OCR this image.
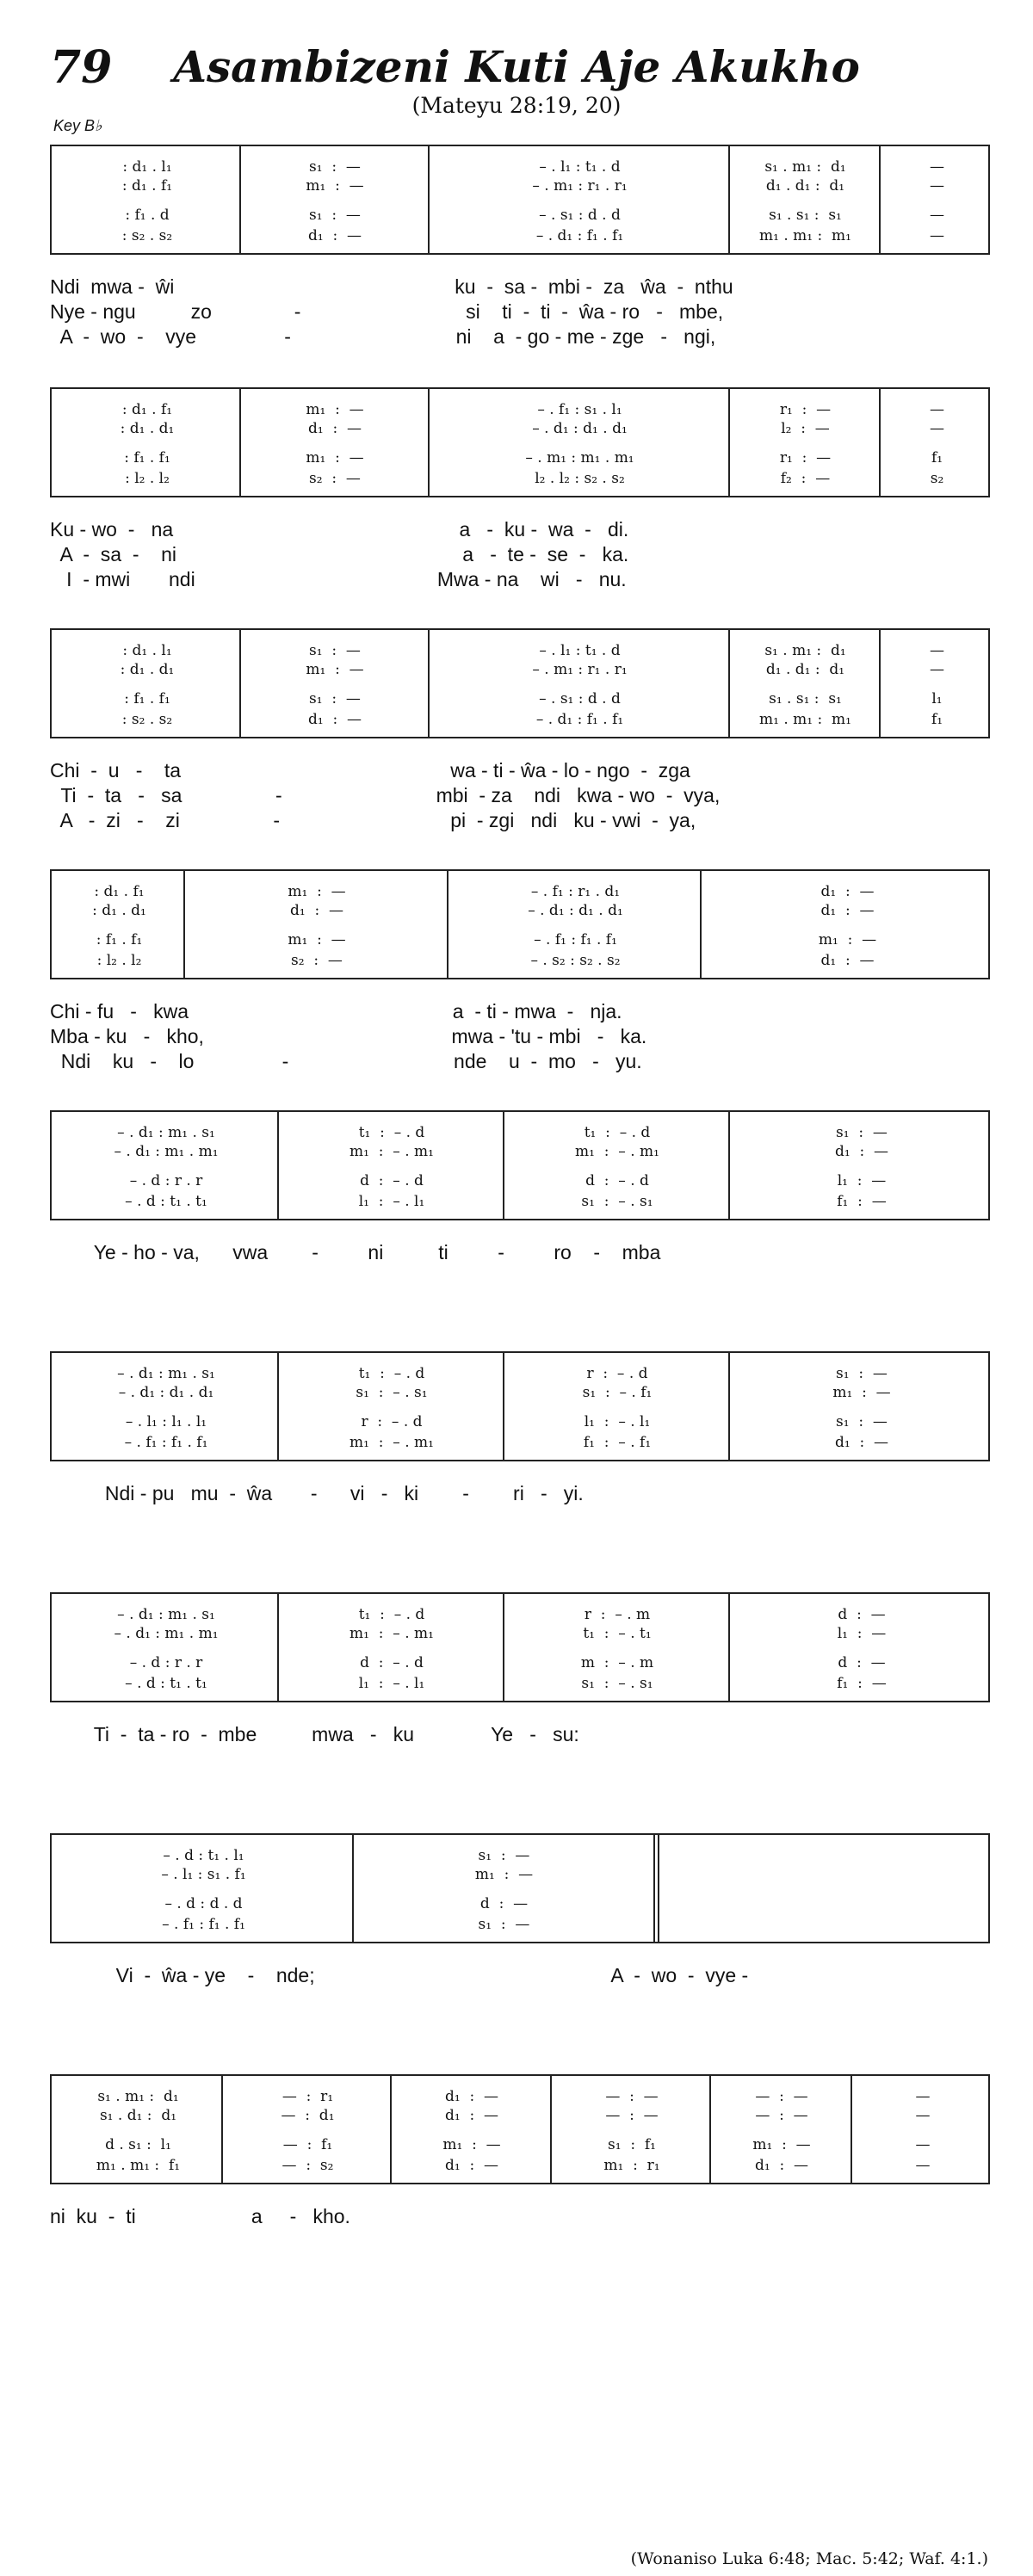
79	Asambizeni Kuti Aje Akukho
(Mateyu 28:19, 20)
Key B♭
: d₁ . l₁	s₁  :  —	– . l₁ : t₁ . d	s₁ . m₁ :  d₁	—
: d₁ . f₁	m₁  :  —	– . m₁ : r₁ . r₁	d₁ . d₁ :  d₁	—
: f₁ . d	s₁  :  —	– . s₁ : d . d	s₁ . s₁ :  s₁	—
: s₂ . s₂	d₁  :  —	– . d₁ : f₁ . f₁	m₁ . m₁ :  m₁	—
Ndi  mwa -  ŵi                                                   ku  -  sa -  mbi -  za   ŵa  -  nthu
Nye - ngu          zo               -                              si    ti  -  ti  -  ŵa - ro   -   mbe,
A  -  wo  -    vye                -                              ni    a  - go - me - zge   -   ngi,
: d₁ . f₁	m₁  :  —	– . f₁ : s₁ . l₁	r₁  :  —	—
: d₁ . d₁	d₁  :  —	– . d₁ : d₁ . d₁	l₂  :  —	—
: f₁ . f₁	m₁  :  —	– . m₁ : m₁ . m₁	r₁  :  —	f₁
: l₂ . l₂	s₂  :  —	l₂ . l₂ : s₂ . s₂	f₂  :  —	s₂
Ku - wo  -   na                                                    a   -  ku -  wa  -   di.
A  -  sa  -    ni                                                    a   -  te -  se  -   ka.
I  - mwi       ndi                                            Mwa - na    wi   -   nu.
: d₁ . l₁	s₁  :  —	– . l₁ : t₁ . d	s₁ . m₁ :  d₁	—
: d₁ . d₁	m₁  :  —	– . m₁ : r₁ . r₁	d₁ . d₁ :  d₁	—
: f₁ . f₁	s₁  :  —	– . s₁ : d . d	s₁ . s₁ :  s₁	l₁
: s₂ . s₂	d₁  :  —	– . d₁ : f₁ . f₁	m₁ . m₁ :  m₁	f₁
Chi  -  u   -    ta                                                 wa - ti - ŵa - lo - ngo  -  zga
Ti  -  ta   -   sa                 -                            mbi  - za    ndi   kwa - wo  -  vya,
A   -  zi   -    zi                 -                               pi  - zgi   ndi   ku - vwi  -  ya,
: d₁ . f₁	m₁  :  —	– . f₁ : r₁ . d₁	d₁  :  —
: d₁ . d₁	d₁  :  —	– . d₁ : d₁ . d₁	d₁  :  —
: f₁ . f₁	m₁  :  —	– . f₁ : f₁ . f₁	m₁  :  —
: l₂ . l₂	s₂  :  —	– . s₂ : s₂ . s₂	d₁  :  —
Chi - fu   -   kwa                                                a  - ti - mwa  -   nja.
Mba - ku   -   kho,                                             mwa - 'tu - mbi   -   ka.
Ndi    ku   -    lo                -                              nde    u  -  mo   -   yu.
– . d₁ : m₁ . s₁	t₁  :  – . d	t₁  :  – . d	s₁  :  —
– . d₁ : m₁ . m₁	m₁  :  – . m₁	m₁  :  – . m₁	d₁  :  —
– . d : r . r	d  :  – . d	d  :  – . d	l₁  :  —
– . d : t₁ . t₁	l₁  :  – . l₁	s₁  :  – . s₁	f₁  :  —
Ye - ho - va,      vwa        -         ni          ti         -         ro    -    mba
– . d₁ : m₁ . s₁	t₁  :  – . d	r  :  – . d	s₁  :  —
– . d₁ : d₁ . d₁	s₁  :  – . s₁	s₁  :  – . f₁	m₁  :  —
– . l₁ : l₁ . l₁	r  :  – . d	l₁  :  – . l₁	s₁  :  —
– . f₁ : f₁ . f₁	m₁  :  – . m₁	f₁  :  – . f₁	d₁  :  —
Ndi - pu   mu  -  ŵa       -      vi   -   ki        -        ri   -   yi.
– . d₁ : m₁ . s₁	t₁  :  – . d	r  :  – . m	d  :  —
– . d₁ : m₁ . m₁	m₁  :  – . m₁	t₁  :  – . t₁	l₁  :  —
– . d : r . r	d  :  – . d	m  :  – . m	d  :  —
– . d : t₁ . t₁	l₁  :  – . l₁	s₁  :  – . s₁	f₁  :  —
Ti  -  ta - ro  -  mbe          mwa   -   ku              Ye   -   su:
– . d : t₁ . l₁	s₁  :  —
– . l₁ : s₁ . f₁	m₁  :  —
– . d : d . d	d  :  —
– . f₁ : f₁ . f₁	s₁  :  —
Vi  -  ŵa - ye    -    nde;                                                      A  -  wo  -  vye -
s₁ . m₁ :  d₁	—  :  r₁	d₁  :  —	—  :  —	—  :  —	—
s₁ . d₁ :  d₁	—  :  d₁	d₁  :  —	—  :  —	—  :  —	—
d . s₁ :  l₁	—  :  f₁	m₁  :  —	s₁  :  f₁	m₁  :  —	—
m₁ . m₁ :  f₁	—  :  s₂	d₁  :  —	m₁  :  r₁	d₁  :  —	—
ni  ku  -  ti                     a     -   kho.
(Wonaniso Luka 6:48; Mac. 5:42; Waf. 4:1.)
